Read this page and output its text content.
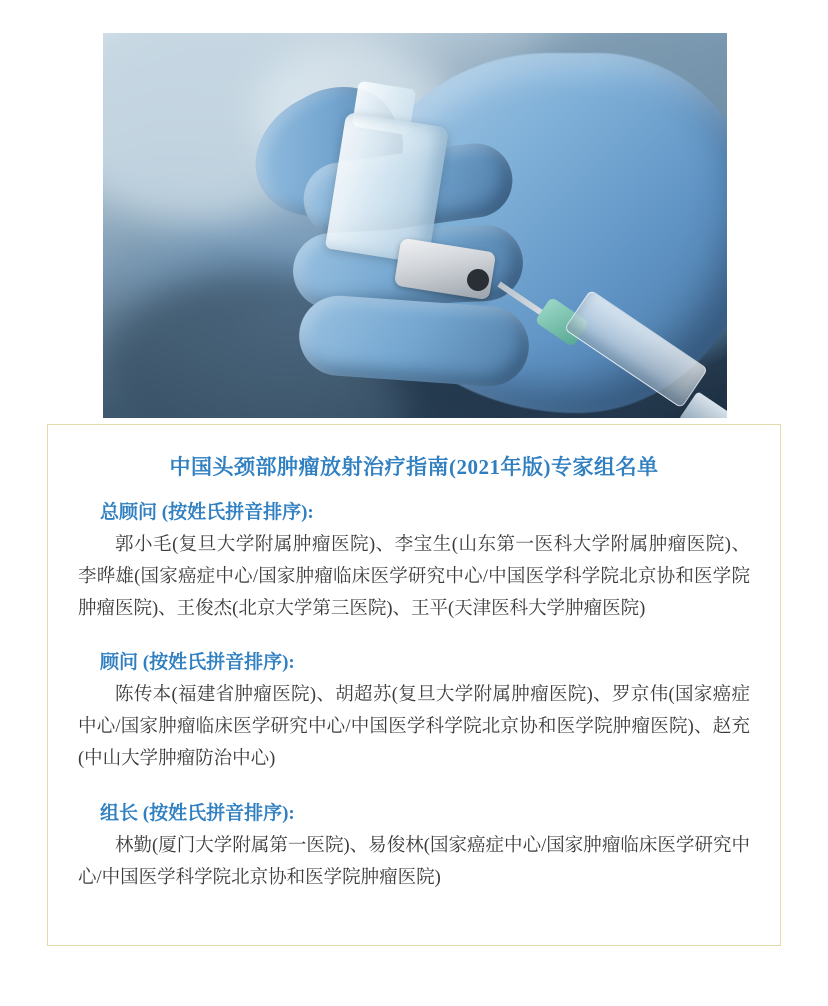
中国头颈部肿瘤放射治疗指南(2021年版)专家组名单
总顾问 (按姓氏拼音排序):

郭小毛(复旦大学附属肿瘤医院)、李宝生(山东第一医科大学附属肿瘤医院)、李晔雄(国家癌症中心/国家肿瘤临床医学研究中心/中国医学科学院北京协和医学院肿瘤医院)、王俊杰(北京大学第三医院)、王平(天津医科大学肿瘤医院)

顾问 (按姓氏拼音排序):

陈传本(福建省肿瘤医院)、胡超苏(复旦大学附属肿瘤医院)、罗京伟(国家癌症中心/国家肿瘤临床医学研究中心/中国医学科学院北京协和医学院肿瘤医院)、赵充(中山大学肿瘤防治中心)

组长 (按姓氏拼音排序):

林勤(厦门大学附属第一医院)、易俊林(国家癌症中心/国家肿瘤临床医学研究中心/中国医学科学院北京协和医学院肿瘤医院)
